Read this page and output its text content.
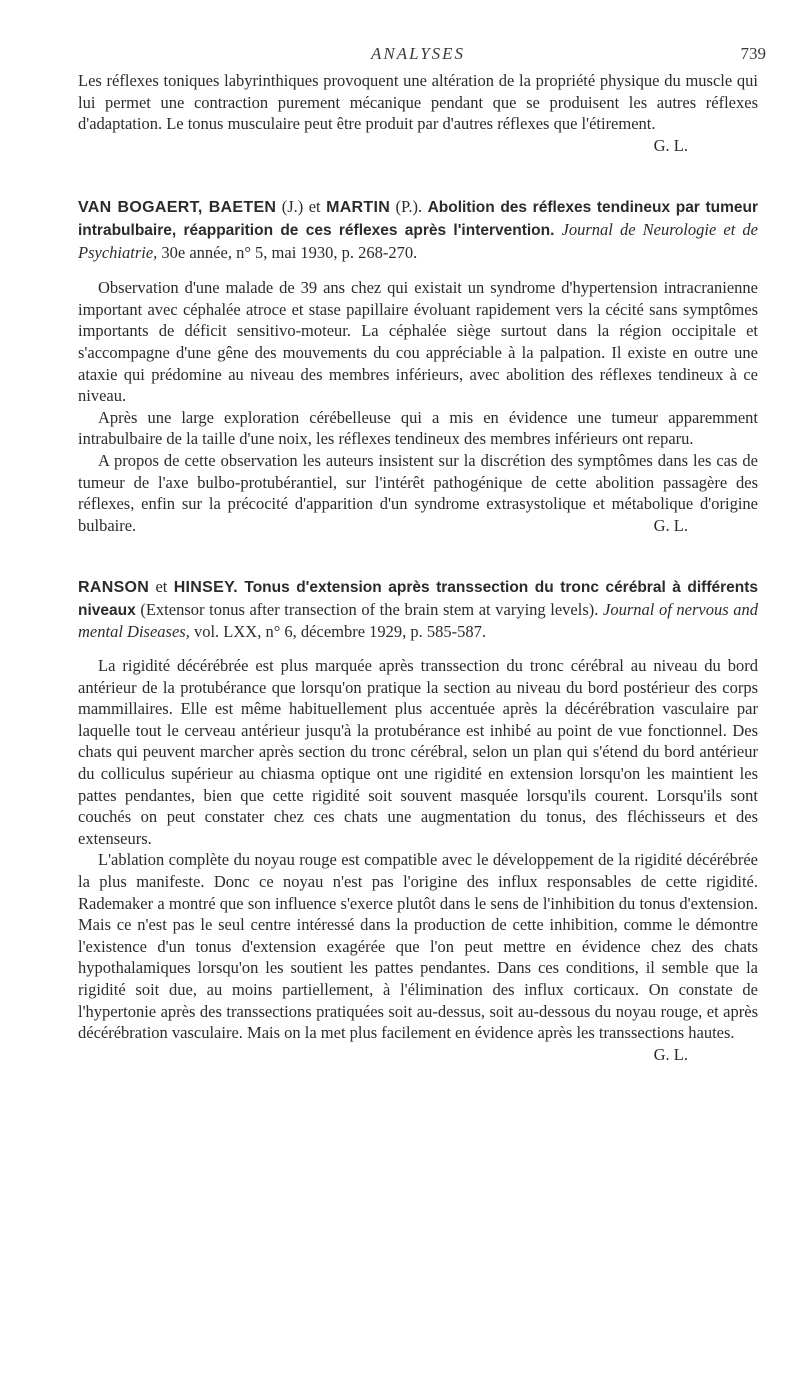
ANALYSES	739

Les réflexes toniques labyrinthiques provoquent une altération de la propriété physique du muscle qui lui permet une contraction purement mécanique pendant que se produisent les autres réflexes d'adaptation. Le tonus musculaire peut être produit par d'autres réflexes que l'étirement.
G. L.

VAN BOGAERT, BAETEN (J.) et MARTIN (P.). Abolition des réflexes tendineux par tumeur intrabulbaire, réapparition de ces réflexes après l'intervention. Journal de Neurologie et de Psychiatrie, 30e année, n° 5, mai 1930, p. 268-270.

Observation d'une malade de 39 ans chez qui existait un syndrome d'hypertension intracranienne important avec céphalée atroce et stase papillaire évoluant rapidement vers la cécité sans symptômes importants de déficit sensitivo-moteur. La céphalée siège surtout dans la région occipitale et s'accompagne d'une gêne des mouvements du cou appréciable à la palpation. Il existe en outre une ataxie qui prédomine au niveau des membres inférieurs, avec abolition des réflexes tendineux à ce niveau.

Après une large exploration cérébelleuse qui a mis en évidence une tumeur apparemment intrabulbaire de la taille d'une noix, les réflexes tendineux des membres inférieurs ont reparu.

A propos de cette observation les auteurs insistent sur la discrétion des symptômes dans les cas de tumeur de l'axe bulbo-protubérantiel, sur l'intérêt pathogénique de cette abolition passagère des réflexes, enfin sur la précocité d'apparition d'un syndrome extrasystolique et métabolique d'origine bulbaire.	G. L.

RANSON et HINSEY. Tonus d'extension après transsection du tronc cérébral à différents niveaux (Extensor tonus after transection of the brain stem at varying levels). Journal of nervous and mental Diseases, vol. LXX, n° 6, décembre 1929, p. 585-587.

La rigidité décérébrée est plus marquée après transsection du tronc cérébral au niveau du bord antérieur de la protubérance que lorsqu'on pratique la section au niveau du bord postérieur des corps mammillaires. Elle est même habituellement plus accentuée après la décérébration vasculaire par laquelle tout le cerveau antérieur jusqu'à la protubérance est inhibé au point de vue fonctionnel. Des chats qui peuvent marcher après section du tronc cérébral, selon un plan qui s'étend du bord antérieur du colliculus supérieur au chiasma optique ont une rigidité en extension lorsqu'on les maintient les pattes pendantes, bien que cette rigidité soit souvent masquée lorsqu'ils courent. Lorsqu'ils sont couchés on peut constater chez ces chats une augmentation du tonus, des fléchisseurs et des extenseurs.

L'ablation complète du noyau rouge est compatible avec le développement de la rigidité décérébrée la plus manifeste. Donc ce noyau n'est pas l'origine des influx responsables de cette rigidité. Rademaker a montré que son influence s'exerce plutôt dans le sens de l'inhibition du tonus d'extension. Mais ce n'est pas le seul centre intéressé dans la production de cette inhibition, comme le démontre l'existence d'un tonus d'extension exagérée que l'on peut mettre en évidence chez des chats hypothalamiques lorsqu'on les soutient les pattes pendantes. Dans ces conditions, il semble que la rigidité soit due, au moins partiellement, à l'élimination des influx corticaux. On constate de l'hypertonie après des transsections pratiquées soit au-dessus, soit au-dessous du noyau rouge, et après décérébration vasculaire. Mais on la met plus facilement en évidence après les transsections hautes.
G. L.
